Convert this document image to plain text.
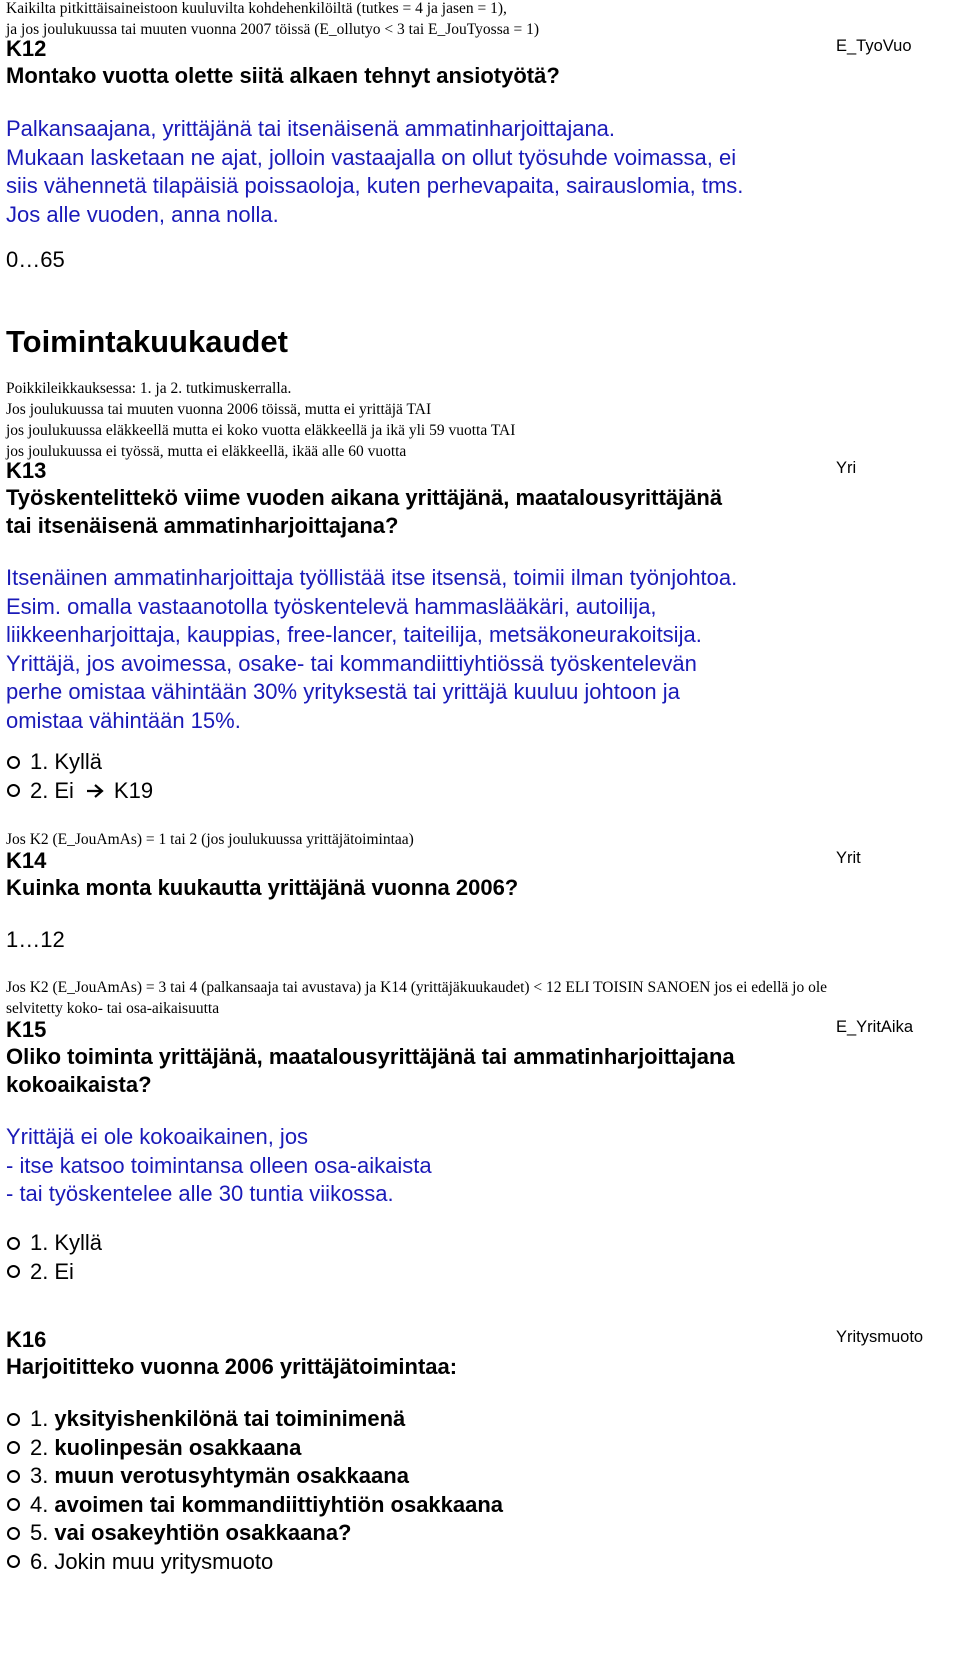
Kaikilta pitkittäisaineistoon kuuluvilta kohdehenkilöiltä (tutkes = 4 ja jasen = 1),
ja jos joulukuussa tai muuten vuonna 2007 töissä (E_ollutyo < 3 tai E_JouTyossa = 1)
K12	E_TyoVuo
Montako vuotta olette siitä alkaen tehnyt ansiotyötä?
Palkansaajana, yrittäjänä tai itsenäisenä ammatinharjoittajana.
Mukaan lasketaan ne ajat, jolloin vastaajalla on ollut työsuhde voimassa, ei
siis vähennetä tilapäisiä poissaoloja, kuten perhevapaita, sairauslomia, tms.
Jos alle vuoden, anna nolla.
0…65
Toimintakuukaudet
Poikkileikkauksessa: 1. ja 2. tutkimuskerralla.
Jos joulukuussa tai muuten vuonna 2006 töissä, mutta ei yrittäjä TAI
jos joulukuussa eläkkeellä mutta ei koko vuotta eläkkeellä ja ikä yli 59 vuotta TAI
jos joulukuussa ei työssä, mutta ei eläkkeellä, ikää alle 60 vuotta
K13	Yri
Työskentelittekö viime vuoden aikana yrittäjänä, maatalousyrittäjänä
tai itsenäisenä ammatinharjoittajana?
Itsenäinen ammatinharjoittaja työllistää itse itsensä, toimii ilman työnjohtoa.
Esim. omalla vastaanotolla työskentelevä hammaslääkäri, autoilija,
liikkeenharjoittaja, kauppias, free-lancer, taiteilija, metsäkoneurakoitsija.
Yrittäjä, jos avoimessa, osake- tai kommandiittiyhtiössä työskentelevän
perhe omistaa vähintään 30% yrityksestä tai yrittäjä kuuluu johtoon ja
omistaa vähintään 15%.
1. Kyllä
2. Ei K19
Jos K2 (E_JouAmAs) = 1 tai 2 (jos joulukuussa yrittäjätoimintaa)
K14	Yrit
Kuinka monta kuukautta yrittäjänä vuonna 2006?
1…12
Jos K2 (E_JouAmAs) = 3 tai 4 (palkansaaja tai avustava) ja K14 (yrittäjäkuukaudet) < 12 ELI TOISIN SANOEN jos ei edellä jo ole
selvitetty koko- tai osa-aikaisuutta
K15	E_YritAika
Oliko toiminta yrittäjänä, maatalousyrittäjänä tai ammatinharjoittajana
kokoaikaista?
Yrittäjä ei ole kokoaikainen, jos
- itse katsoo toimintansa olleen osa-aikaista
- tai työskentelee alle 30 tuntia viikossa.
1. Kyllä
2. Ei
K16	Yritysmuoto
Harjoititteko vuonna 2006 yrittäjätoimintaa:
1. yksityishenkilönä tai toiminimenä
2. kuolinpesän osakkaana
3. muun verotusyhtymän osakkaana
4. avoimen tai kommandiittiyhtiön osakkaana
5. vai osakeyhtiön osakkaana?
6. Jokin muu yritysmuoto
